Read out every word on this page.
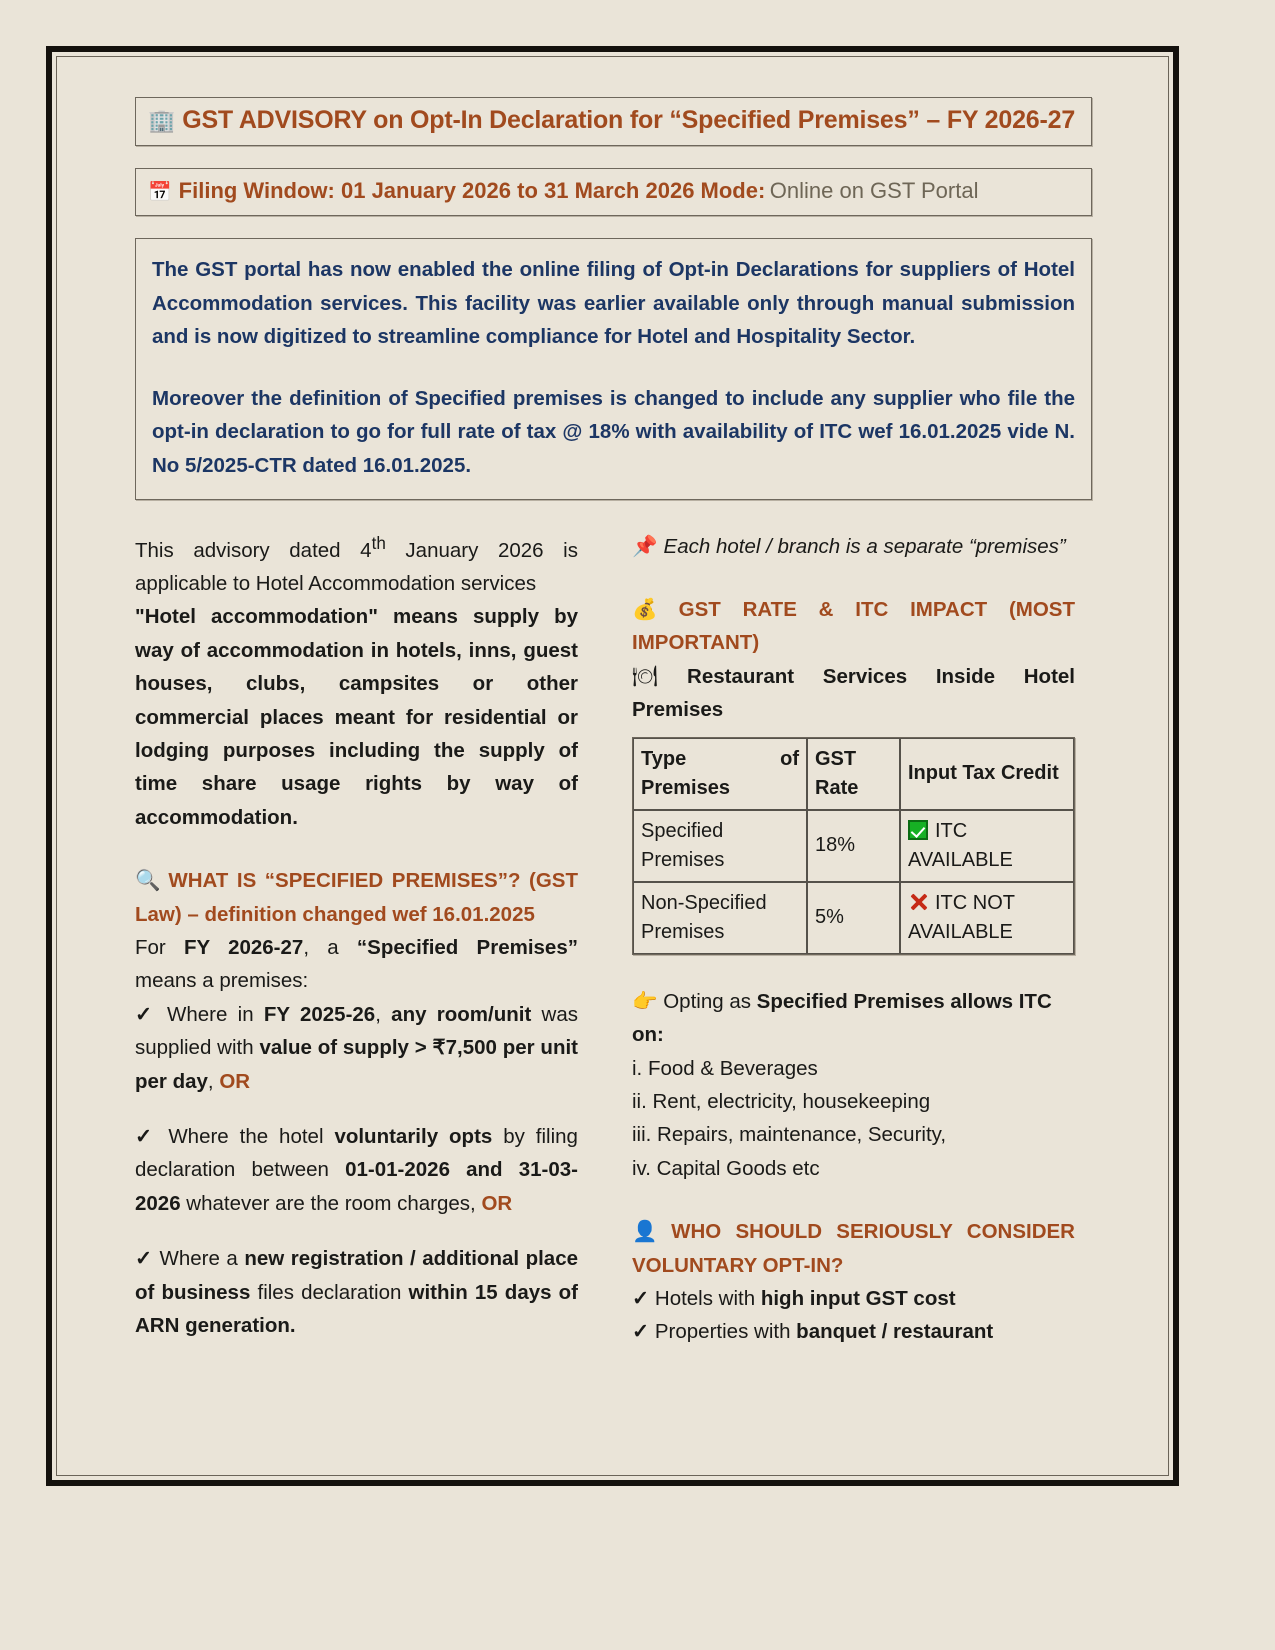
🏢 GST ADVISORY on Opt-In Declaration for “Specified Premises” – FY 2026-27
📅 Filing Window: 01 January 2026 to 31 March 2026 Mode: Online on GST Portal

The GST portal has now enabled the online filing of Opt-in Declarations for suppliers of Hotel Accommodation services. This facility was earlier available only through manual submission and is now digitized to streamline compliance for Hotel and Hospitality Sector.

Moreover the definition of Specified premises is changed to include any supplier who file the opt-in declaration to go for full rate of tax @ 18% with availability of ITC wef 16.01.2025 vide N. No 5/2025-CTR dated 16.01.2025.

This advisory dated 4th January 2026 is applicable to Hotel Accommodation services

"Hotel accommodation" means supply by way of accommodation in hotels, inns, guest houses, clubs, campsites or other commercial places meant for residential or lodging purposes including the supply of time share usage rights by way of accommodation.

🔍 WHAT IS “SPECIFIED PREMISES”? (GST Law) – definition changed wef 16.01.2025

For FY 2026-27, a “Specified Premises” means a premises:

✓ Where in FY 2025-26, any room/unit was supplied with value of supply > ₹7,500 per unit per day, OR

✓ Where the hotel voluntarily opts by filing declaration between 01-01-2026 and 31-03-2026 whatever are the room charges, OR

✓ Where a new registration / additional place of business files declaration within 15 days of ARN generation.

📌 Each hotel / branch is a separate “premises”
💰 GST RATE & ITC IMPACT (MOST IMPORTANT)
🍽 Restaurant Services Inside Hotel Premises
Type of Premises	GST Rate	Input Tax Credit
Specified Premises	18%	ITC AVAILABLE
Non-Specified Premises	5%	ITC NOT AVAILABLE
👉 Opting as Specified Premises allows ITC on:
i. Food & Beverages
ii. Rent, electricity, housekeeping
iii. Repairs, maintenance, Security,
iv. Capital Goods etc
👤 WHO SHOULD SERIOUSLY CONSIDER VOLUNTARY OPT-IN?
✓ Hotels with high input GST cost
✓ Properties with banquet / restaurant
